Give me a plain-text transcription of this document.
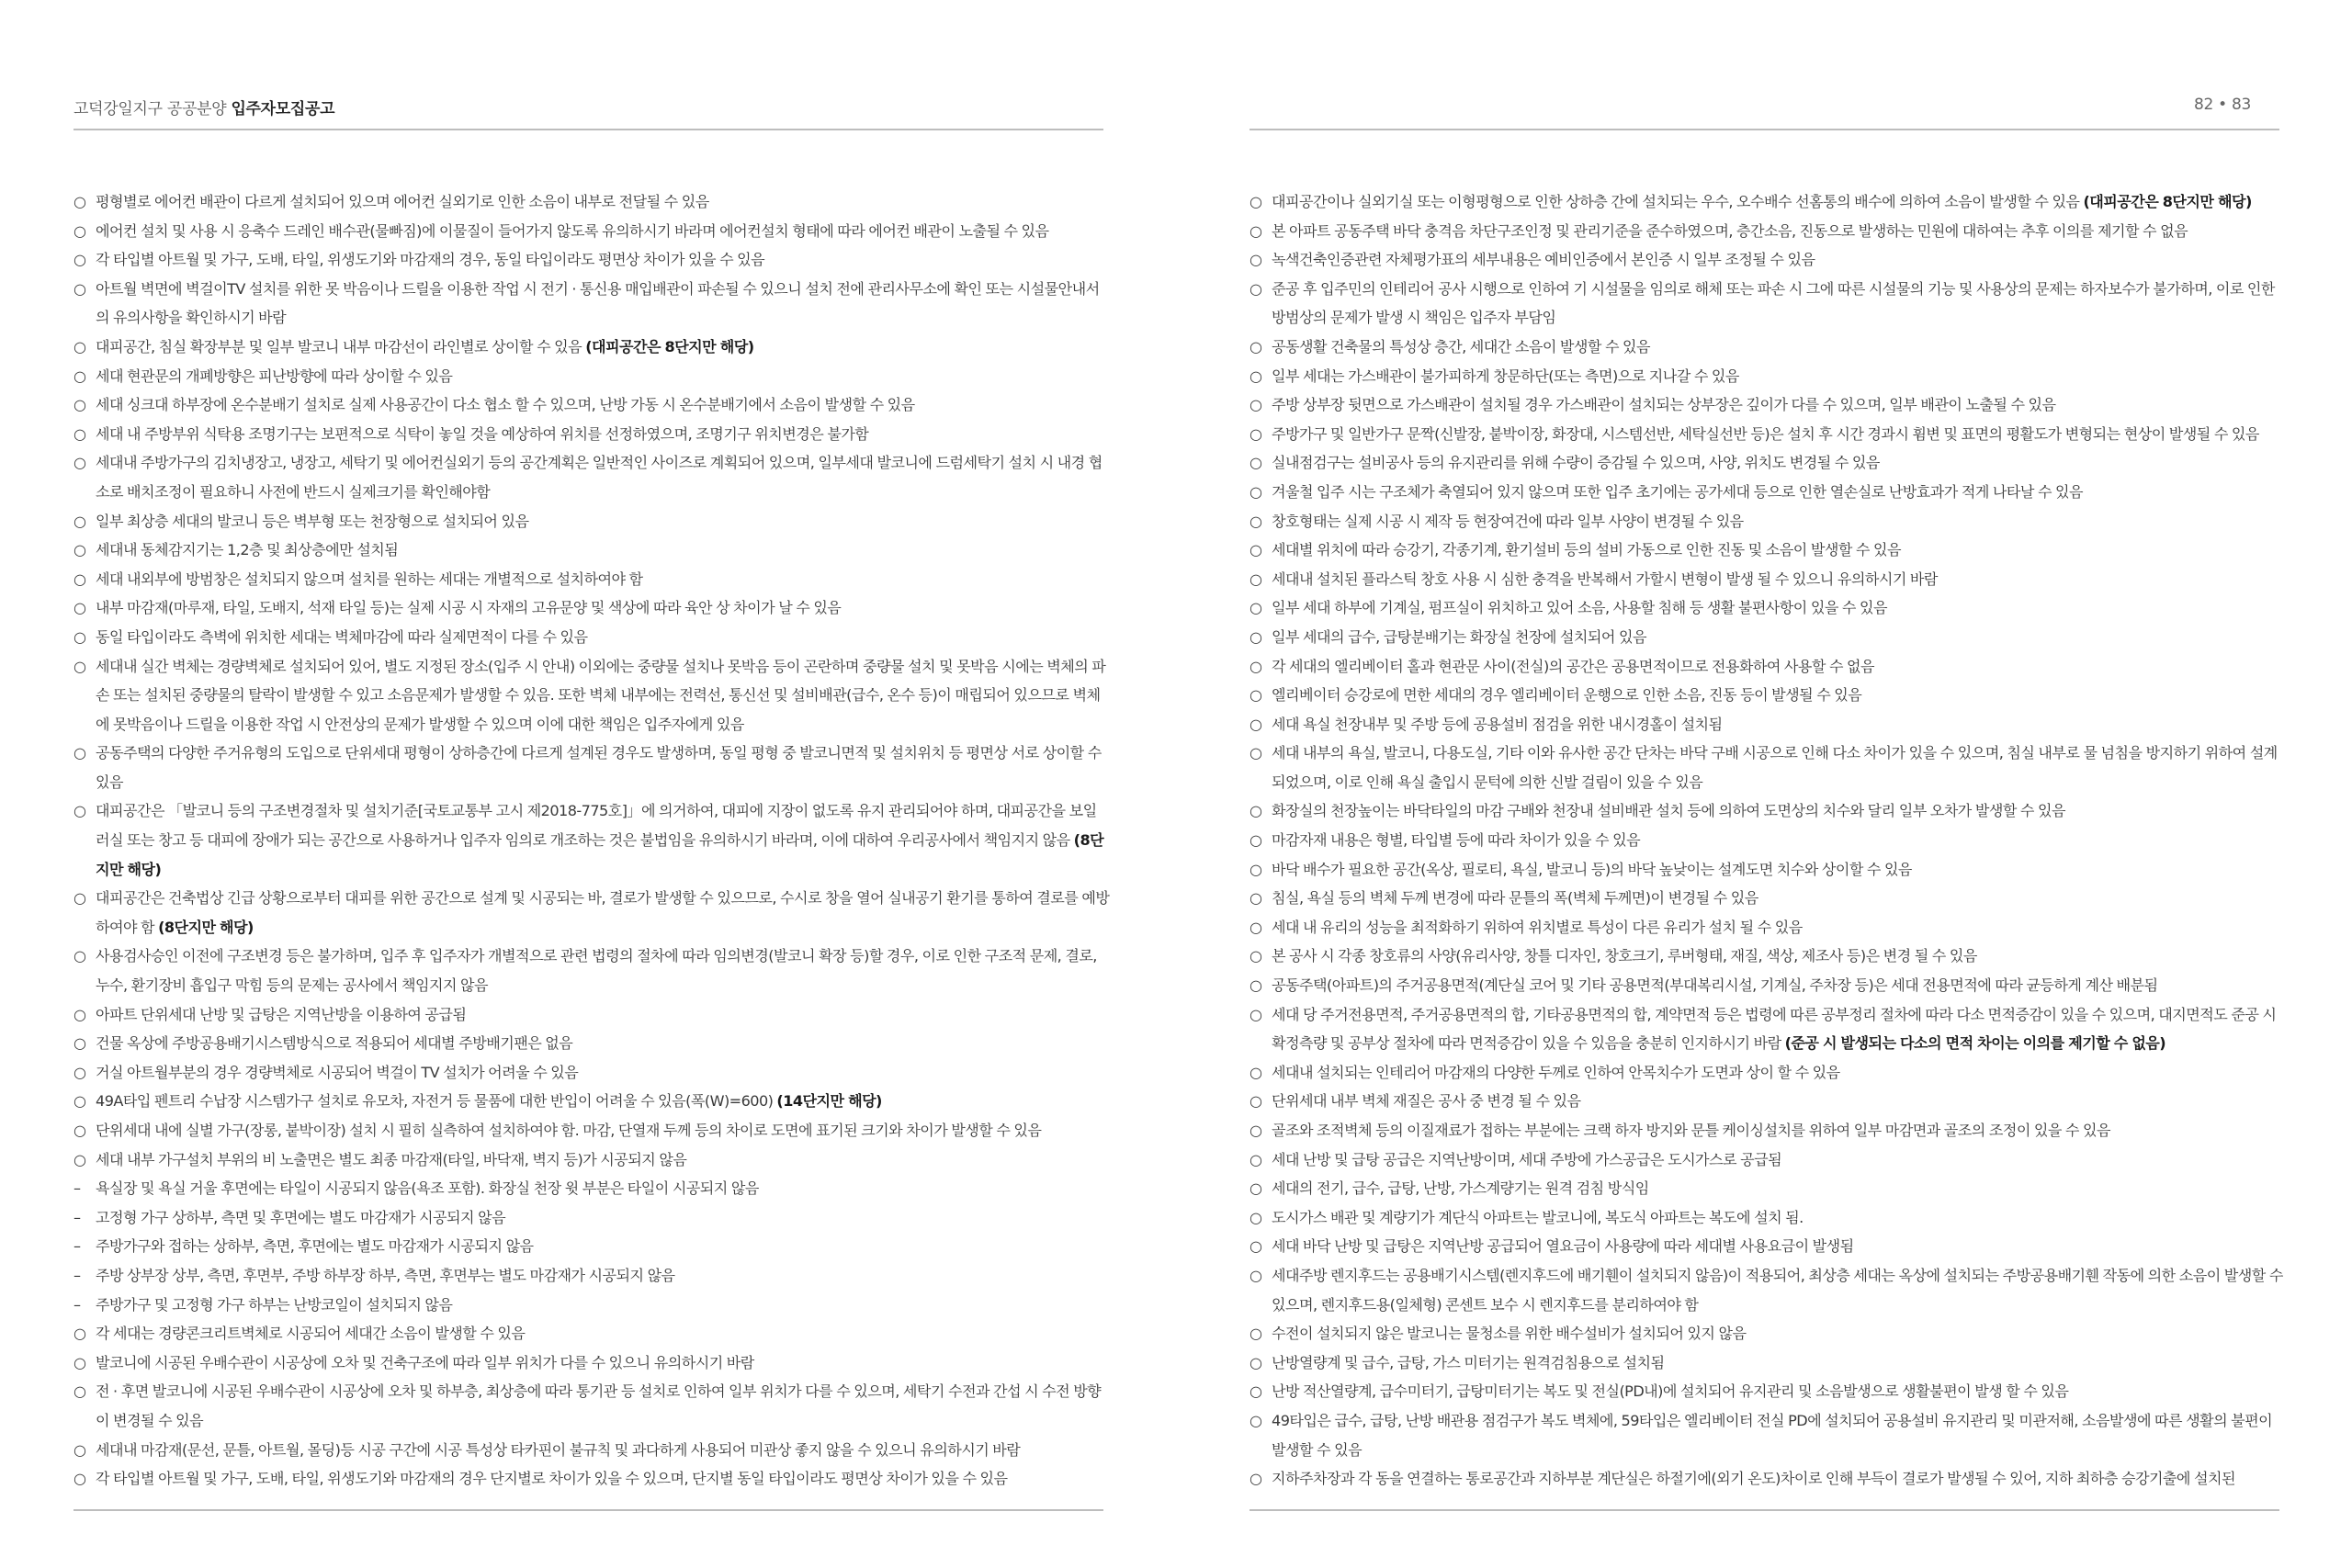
고덕강일지구 공공분양 입주자모집공고
○ 평형별로 에어컨 배관이 다르게 설치되어 있으며 에어컨 실외기로 인한 소음이 내부로 전달될 수 있음
○ 에어컨 설치 및 사용 시 응축수 드레인 배수관(물빠짐)에 이물질이 들어가지 않도록 유의하시기 바라며 에어컨설치 형태에 따라 에어컨 배관이 노출될 수 있음
○ 각 타입별 아트월 및 가구, 도배, 타일, 위생도기와 마감재의 경우, 동일 타입이라도 평면상 차이가 있을 수 있음
○ 아트월 벽면에 벽걸이TV 설치를 위한 못 박음이나 드릴을 이용한 작업 시 전기 · 통신용 매입배관이 파손될 수 있으니 설치 전에 관리사무소에 확인 또는 시설물안내서의 유의사항을 확인하시기 바람
○ 대피공간, 침실 확장부분 및 일부 발코니 내부 마감선이 라인별로 상이할 수 있음 (대피공간은 8단지만 해당)
○ 세대 현관문의 개폐방향은 피난방향에 따라 상이할 수 있음
○ 세대 싱크대 하부장에 온수분배기 설치로 실제 사용공간이 다소 협소 할 수 있으며, 난방 가동 시 온수분배기에서 소음이 발생할 수 있음
○ 세대 내 주방부위 식탁용 조명기구는 보편적으로 식탁이 놓일 것을 예상하여 위치를 선정하였으며, 조명기구 위치변경은 불가함
○ 세대내 주방가구의 김치냉장고, 냉장고, 세탁기 및 에어컨실외기 등의 공간계획은 일반적인 사이즈로 계획되어 있으며, 일부세대 발코니에 드럼세탁기 설치 시 내경 협소로 배치조정이 필요하니 사전에 반드시 실제크기를 확인해야함
○ 일부 최상층 세대의 발코니 등은 벽부형 또는 천장형으로 설치되어 있음
○ 세대내 동체감지기는 1,2층 및 최상층에만 설치됨
○ 세대 내외부에 방범창은 설치되지 않으며 설치를 원하는 세대는 개별적으로 설치하여야 함
○ 내부 마감재(마루재, 타일, 도배지, 석재 타일 등)는 실제 시공 시 자재의 고유문양 및 색상에 따라 육안 상 차이가 날 수 있음
○ 동일 타입이라도 측벽에 위치한 세대는 벽체마감에 따라 실제면적이 다를 수 있음
○ 세대내 실간 벽체는 경량벽체로 설치되어 있어, 별도 지정된 장소(입주 시 안내) 이외에는 중량물 설치나 못박음 등이 곤란하며 중량물 설치 및 못박음 시에는 벽체의 파손 또는 설치된 중량물의 탈락이 발생할 수 있고 소음문제가 발생할 수 있음. 또한 벽체 내부에는 전력선, 통신선 및 설비배관(급수, 온수 등)이 매립되어 있으므로 벽체에 못박음이나 드릴을 이용한 작업 시 안전상의 문제가 발생할 수 있으며 이에 대한 책임은 입주자에게 있음
○ 공동주택의 다양한 주거유형의 도입으로 단위세대 평형이 상하층간에 다르게 설계된 경우도 발생하며, 동일 평형 중 발코니면적 및 설치위치 등 평면상 서로 상이할 수 있음
○ 대피공간은 「발코니 등의 구조변경절차 및 설치기준[국토교통부 고시 제2018-775호]」에 의거하여, 대피에 지장이 없도록 유지 관리되어야 하며, 대피공간을 보일러실 또는 창고 등 대피에 장애가 되는 공간으로 사용하거나 입주자 임의로 개조하는 것은 불법임을 유의하시기 바라며, 이에 대하여 우리공사에서 책임지지 않음 (8단지만 해당)
○ 대피공간은 건축법상 긴급 상황으로부터 대피를 위한 공간으로 설계 및 시공되는 바, 결로가 발생할 수 있으므로, 수시로 창을 열어 실내공기 환기를 통하여 결로를 예방하여야 함 (8단지만 해당)
○ 사용검사승인 이전에 구조변경 등은 불가하며, 입주 후 입주자가 개별적으로 관련 법령의 절차에 따라 임의변경(발코니 확장 등)할 경우, 이로 인한 구조적 문제, 결로, 누수, 환기장비 흡입구 막힘 등의 문제는 공사에서 책임지지 않음
○ 아파트 단위세대 난방 및 급탕은 지역난방을 이용하여 공급됨
○ 건물 옥상에 주방공용배기시스템방식으로 적용되어 세대별 주방배기팬은 없음
○ 거실 아트월부분의 경우 경량벽체로 시공되어 벽걸이 TV 설치가 어려울 수 있음
○ 49A타입 펜트리 수납장 시스템가구 설치로 유모차, 자전거 등 물품에 대한 반입이 어려울 수 있음(폭(W)=600) (14단지만 해당)
○ 단위세대 내에 실별 가구(장롱, 붙박이장) 설치 시 필히 실측하여 설치하여야 함. 마감, 단열재 두께 등의 차이로 도면에 표기된 크기와 차이가 발생할 수 있음
○ 세대 내부 가구설치 부위의 비 노출면은 별도 최종 마감재(타일, 바닥재, 벽지 등)가 시공되지 않음
–	욕실장 및 욕실 거울 후면에는 타일이 시공되지 않음(욕조 포함). 화장실 천장 윗 부분은 타일이 시공되지 않음
–	고정형 가구 상하부, 측면 및 후면에는 별도 마감재가 시공되지 않음
–	주방가구와 접하는 상하부, 측면, 후면에는 별도 마감재가 시공되지 않음
–	주방 상부장 상부, 측면, 후면부, 주방 하부장 하부, 측면, 후면부는 별도 마감재가 시공되지 않음
–	주방가구 및 고정형 가구 하부는 난방코일이 설치되지 않음
○ 각 세대는 경량콘크리트벽체로 시공되어 세대간 소음이 발생할 수 있음
○ 발코니에 시공된 우배수관이 시공상에 오차 및 건축구조에 따라 일부 위치가 다를 수 있으니 유의하시기 바람
○ 전 · 후면 발코니에 시공된 우배수관이 시공상에 오차 및 하부층, 최상층에 따라 통기관 등 설치로 인하여 일부 위치가 다를 수 있으며, 세탁기 수전과 간섭 시 수전 방향이 변경될 수 있음
○ 세대내 마감재(문선, 문틀, 아트월, 몰딩)등 시공 구간에 시공 특성상 타카핀이 불규칙 및 과다하게 사용되어 미관상 좋지 않을 수 있으니 유의하시기 바람
○ 각 타입별 아트월 및 가구, 도배, 타일, 위생도기와 마감재의 경우 단지별로 차이가 있을 수 있으며, 단지별 동일 타입이라도 평면상 차이가 있을 수 있음
82 • 83
○ 대피공간이나 실외기실 또는 이형평형으로 인한 상하층 간에 설치되는 우수, 오수배수 선홈통의 배수에 의하여 소음이 발생할 수 있음 (대피공간은 8단지만 해당)
○ 본 아파트 공동주택 바닥 충격음 차단구조인정 및 관리기준을 준수하였으며, 층간소음, 진동으로 발생하는 민원에 대하여는 추후 이의를 제기할 수 없음
○ 녹색건축인증관련 자체평가표의 세부내용은 예비인증에서 본인증 시 일부 조정될 수 있음
○ 준공 후 입주민의 인테리어 공사 시행으로 인하여 기 시설물을 임의로 해체 또는 파손 시 그에 따른 시설물의 기능 및 사용상의 문제는 하자보수가 불가하며, 이로 인한 방범상의 문제가 발생 시 책임은 입주자 부담임
○ 공동생활 건축물의 특성상 층간, 세대간 소음이 발생할 수 있음
○ 일부 세대는 가스배관이 불가피하게 창문하단(또는 측면)으로 지나갈 수 있음
○ 주방 상부장 뒷면으로 가스배관이 설치될 경우 가스배관이 설치되는 상부장은 깊이가 다를 수 있으며, 일부 배관이 노출될 수 있음
○ 주방가구 및 일반가구 문짝(신발장, 붙박이장, 화장대, 시스템선반, 세탁실선반 등)은 설치 후 시간 경과시 휨변 및 표면의 평활도가 변형되는 현상이 발생될 수 있음
○ 실내점검구는 설비공사 등의 유지관리를 위해 수량이 증감될 수 있으며, 사양, 위치도 변경될 수 있음
○ 겨울철 입주 시는 구조체가 축열되어 있지 않으며 또한 입주 초기에는 공가세대 등으로 인한 열손실로 난방효과가 적게 나타날 수 있음
○ 창호형태는 실제 시공 시 제작 등 현장여건에 따라 일부 사양이 변경될 수 있음
○ 세대별 위치에 따라 승강기, 각종기계, 환기설비 등의 설비 가동으로 인한 진동 및 소음이 발생할 수 있음
○ 세대내 설치된 플라스틱 창호 사용 시 심한 충격을 반복해서 가할시 변형이 발생 될 수 있으니 유의하시기 바람
○ 일부 세대 하부에 기계실, 펌프실이 위치하고 있어 소음, 사용할 침해 등 생활 불편사항이 있을 수 있음
○ 일부 세대의 급수, 급탕분배기는 화장실 천장에 설치되어 있음
○ 각 세대의 엘리베이터 홀과 현관문 사이(전실)의 공간은 공용면적이므로 전용화하여 사용할 수 없음
○ 엘리베이터 승강로에 면한 세대의 경우 엘리베이터 운행으로 인한 소음, 진동 등이 발생될 수 있음
○ 세대 욕실 천장내부 및 주방 등에 공용설비 점검을 위한 내시경홀이 설치됨
○ 세대 내부의 욕실, 발코니, 다용도실, 기타 이와 유사한 공간 단차는 바닥 구배 시공으로 인해 다소 차이가 있을 수 있으며, 침실 내부로 물 넘침을 방지하기 위하여 설계되었으며, 이로 인해 욕실 출입시 문턱에 의한 신발 걸림이 있을 수 있음
○ 화장실의 천장높이는 바닥타일의 마감 구배와 천장내 설비배관 설치 등에 의하여 도면상의 치수와 달리 일부 오차가 발생할 수 있음
○ 마감자재 내용은 형별, 타입별 등에 따라 차이가 있을 수 있음
○ 바닥 배수가 필요한 공간(옥상, 필로티, 욕실, 발코니 등)의 바닥 높낮이는 설계도면 치수와 상이할 수 있음
○ 침실, 욕실 등의 벽체 두께 변경에 따라 문틀의 폭(벽체 두께면)이 변경될 수 있음
○ 세대 내 유리의 성능을 최적화하기 위하여 위치별로 특성이 다른 유리가 설치 될 수 있음
○ 본 공사 시 각종 창호류의 사양(유리사양, 창틀 디자인, 창호크기, 루버형태, 재질, 색상, 제조사 등)은 변경 될 수 있음
○ 공동주택(아파트)의 주거공용면적(계단실 코어 및 기타 공용면적(부대복리시설, 기계실, 주차장 등)은 세대 전용면적에 따라 균등하게 계산 배분됨
○ 세대 당 주거전용면적, 주거공용면적의 합, 기타공용면적의 합, 계약면적 등은 법령에 따른 공부정리 절차에 따라 다소 면적증감이 있을 수 있으며, 대지면적도 준공 시 확정측량 및 공부상 절차에 따라 면적증감이 있을 수 있음을 충분히 인지하시기 바람 (준공 시 발생되는 다소의 면적 차이는 이의를 제기할 수 없음)
○ 세대내 설치되는 인테리어 마감재의 다양한 두께로 인하여 안목치수가 도면과 상이 할 수 있음
○ 단위세대 내부 벽체 재질은 공사 중 변경 될 수 있음
○ 골조와 조적벽체 등의 이질재료가 접하는 부분에는 크랙 하자 방지와 문틀 케이싱설치를 위하여 일부 마감면과 골조의 조정이 있을 수 있음
○ 세대 난방 및 급탕 공급은 지역난방이며, 세대 주방에 가스공급은 도시가스로 공급됨
○ 세대의 전기, 급수, 급탕, 난방, 가스계량기는 원격 검침 방식임
○ 도시가스 배관 및 계량기가 계단식 아파트는 발코니에, 복도식 아파트는 복도에 설치 됨.
○ 세대 바닥 난방 및 급탕은 지역난방 공급되어 열요금이 사용량에 따라 세대별 사용요금이 발생됨
○ 세대주방 렌지후드는 공용배기시스템(렌지후드에 배기휀이 설치되지 않음)이 적용되어, 최상층 세대는 옥상에 설치되는 주방공용배기휀 작동에 의한 소음이 발생할 수 있으며, 렌지후드용(일체형) 콘센트 보수 시 렌지후드를 분리하여야 함
○ 수전이 설치되지 않은 발코니는 물청소를 위한 배수설비가 설치되어 있지 않음
○ 난방열량계 및 급수, 급탕, 가스 미터기는 원격검침용으로 설치됨
○ 난방 적산열량계, 급수미터기, 급탕미터기는 복도 및 전실(PD내)에 설치되어 유지관리 및 소음발생으로 생활불편이 발생 할 수 있음
○ 49타입은 급수, 급탕, 난방 배관용 점검구가 복도 벽체에, 59타입은 엘리베이터 전실 PD에 설치되어 공용설비 유지관리 및 미관저해, 소음발생에 따른 생활의 불편이 발생할 수 있음
○ 지하주차장과 각 동을 연결하는 통로공간과 지하부분 계단실은 하절기에(외기 온도)차이로 인해 부득이 결로가 발생될 수 있어, 지하 최하층 승강기출에 설치된
